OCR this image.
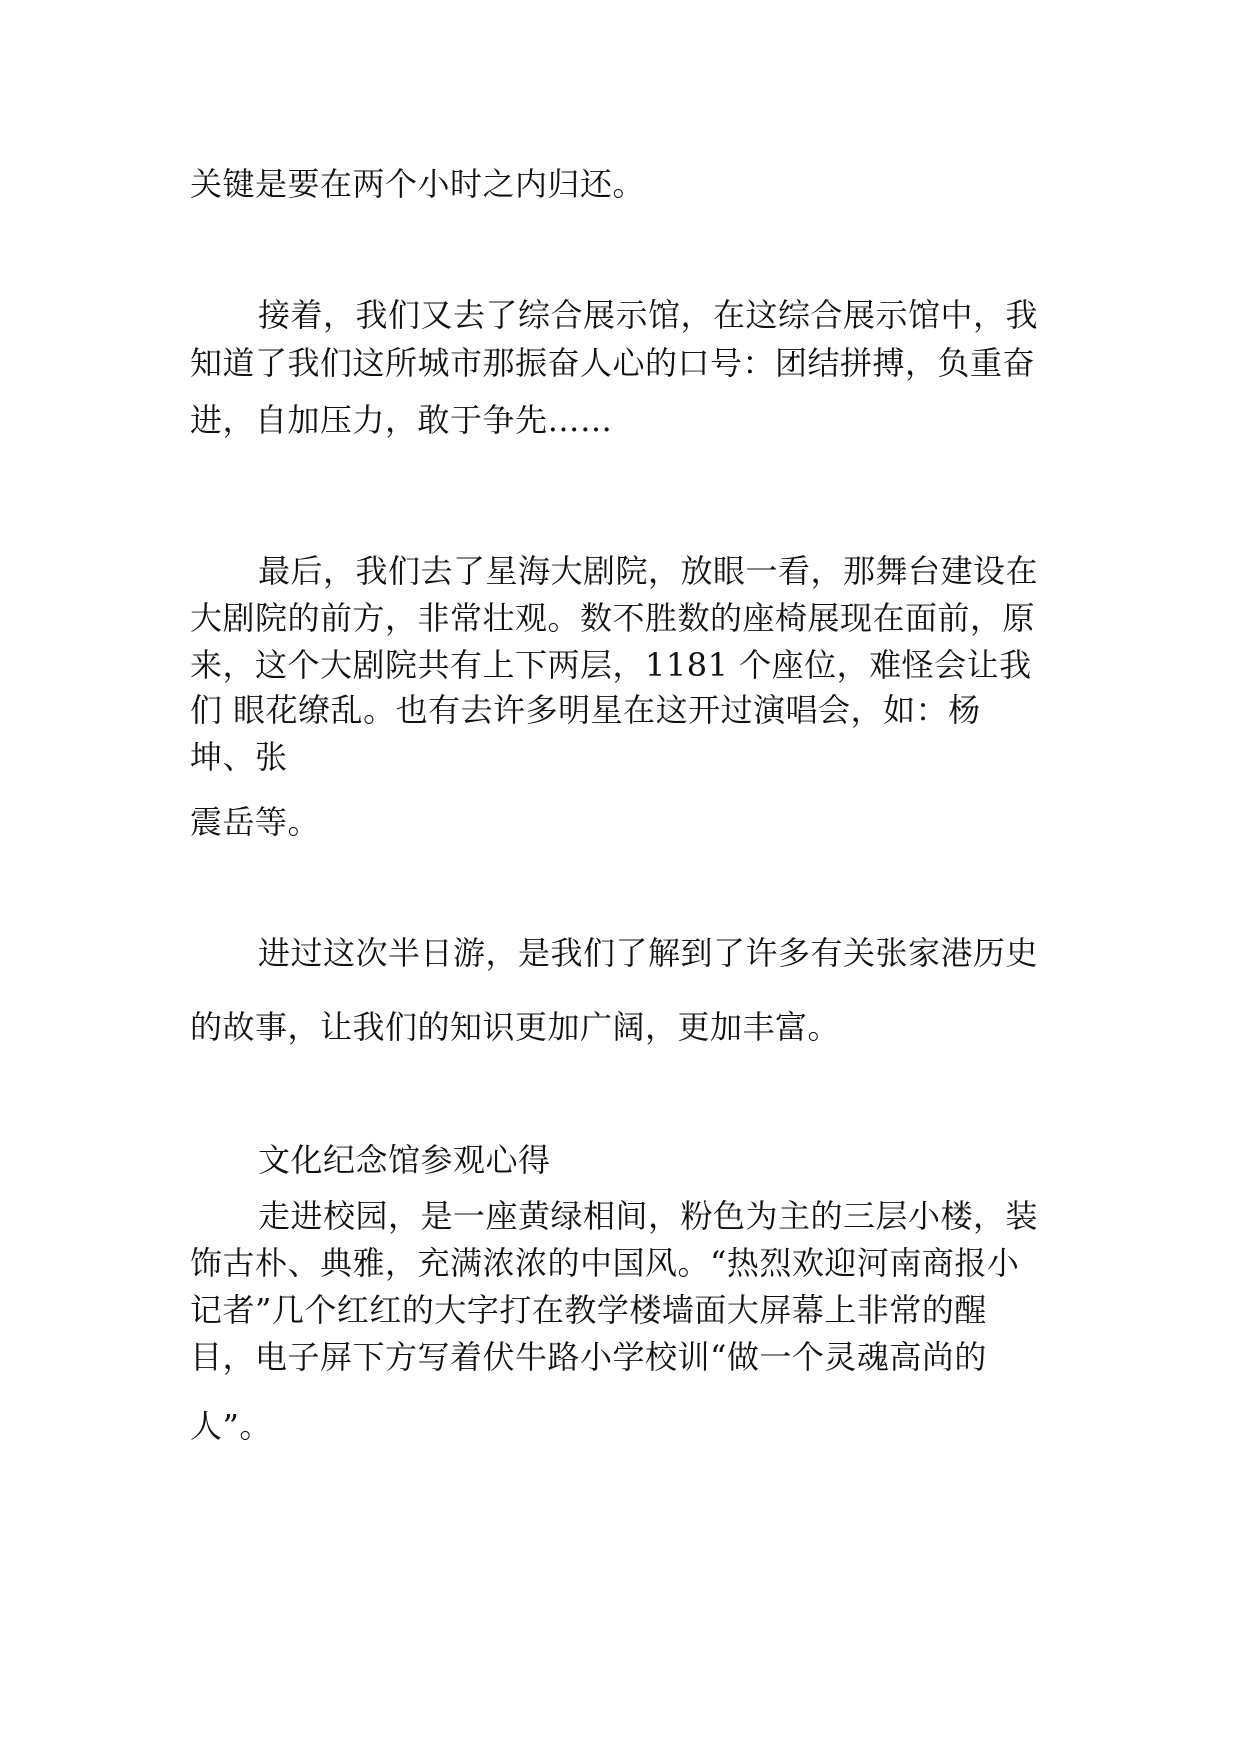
关键是要在两个小时之内归还。
接着，我们又去了综合展示馆，在这综合展示馆中，我
知道了我们这所城市那振奋人心的口号：团结拼搏，负重奋
进，自加压力，敢于争先……
最后，我们去了星海大剧院，放眼一看，那舞台建设在
大剧院的前方，非常壮观。数不胜数的座椅展现在面前，原
来，这个大剧院共有上下两层，1181 个座位，难怪会让我
们 眼花缭乱。也有去许多明星在这开过演唱会，如：杨
坤、张
震岳等。
进过这次半日游，是我们了解到了许多有关张家港历史
的故事，让我们的知识更加广阔，更加丰富。
文化纪念馆参观心得
走进校园，是一座黄绿相间，粉色为主的三层小楼，装
饰古朴、典雅，充满浓浓的中国风。“热烈欢迎河南商报小
记者”几个红红的大字打在教学楼墙面大屏幕上非常的醒
目，电子屏下方写着伏牛路小学校训“做一个灵魂高尚的
人”。
